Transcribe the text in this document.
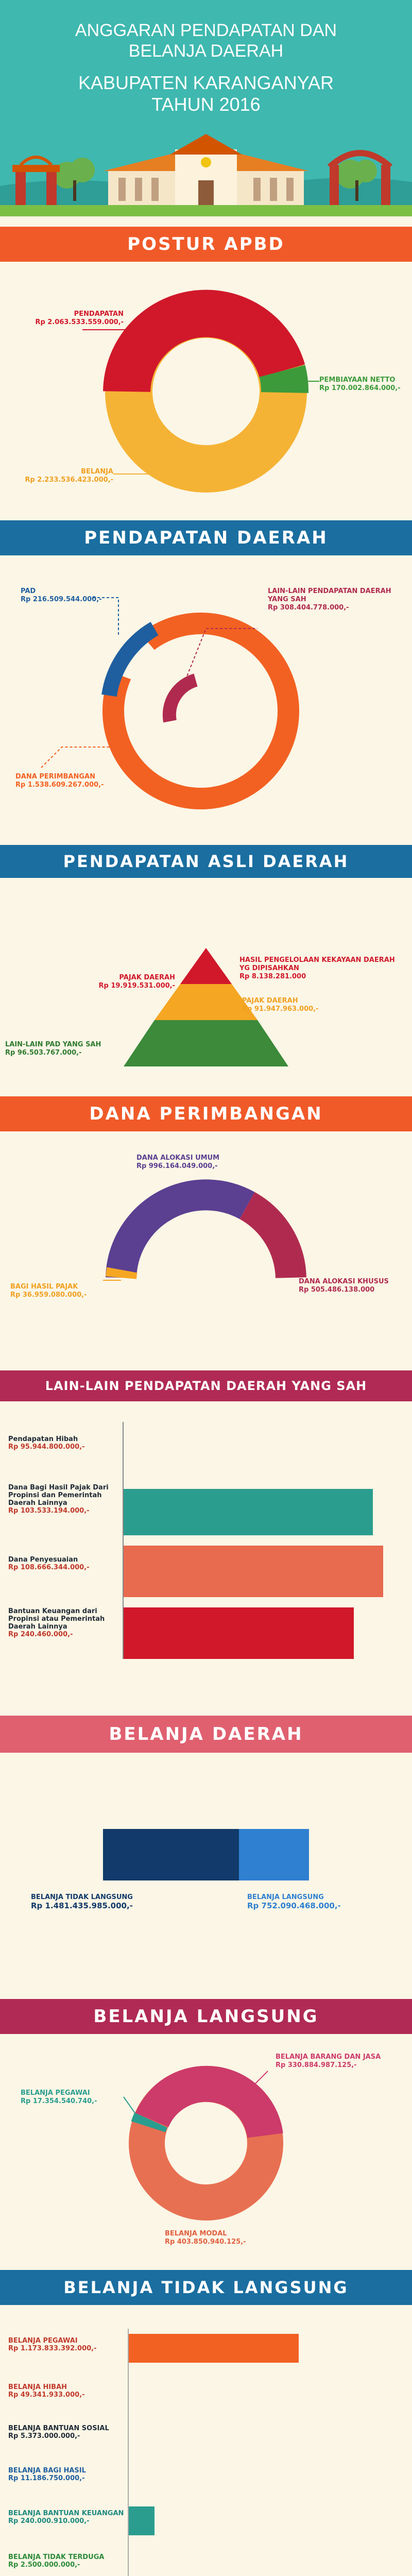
ANGGARAN PENDAPATAN DAN
BELANJA DAERAH
KABUPATEN KARANGANYAR
TAHUN 2016
POSTUR APBD
PENDAPATAN
Rp 2.063.533.559.000,-
PEMBIAYAAN NETTO
Rp 170.002.864.000,-
BELANJA
Rp 2.233.536.423.000,-
PENDAPATAN DAERAH
PAD
Rp 216.509.544.000,-
LAIN-LAIN PENDAPATAN DAERAH YANG SAH
Rp 308.404.778.000,-
DANA PERIMBANGAN
Rp 1.538.609.267.000,-
PENDAPATAN ASLI DAERAH
PAJAK DAERAH
Rp 19.919.531.000,-
HASIL PENGELOLAAN KEKAYAAN DAERAH YG DIPISAHKAN
Rp 8.138.281.000
PAJAK DAERAH
Rp 91.947.963.000,-
LAIN-LAIN PAD YANG SAH
Rp 96.503.767.000,-
DANA PERIMBANGAN
DANA ALOKASI UMUM
Rp 996.164.049.000,-
BAGI HASIL PAJAK
Rp 36.959.080.000,-
DANA ALOKASI KHUSUS
Rp 505.486.138.000
LAIN-LAIN PENDAPATAN DAERAH YANG SAH
Pendapatan Hibah
Rp 95.944.800.000,-
Dana Bagi Hasil Pajak Dari Propinsi dan Pemerintah Daerah Lainnya
Rp 103.533.194.000,-
Dana Penyesuaian
Rp 108.666.344.000,-
Bantuan Keuangan dari Propinsi atau Pemerintah Daerah Lainnya
Rp 240.460.000,-
BELANJA DAERAH
BELANJA TIDAK LANGSUNG
Rp 1.481.435.985.000,-
BELANJA LANGSUNG
Rp 752.090.468.000,-
BELANJA LANGSUNG
BELANJA BARANG DAN JASA
Rp 330.884.987.125,-
BELANJA PEGAWAI
Rp 17.354.540.740,-
BELANJA MODAL
Rp 403.850.940.125,-
BELANJA TIDAK LANGSUNG
BELANJA PEGAWAI
Rp 1.173.833.392.000,-
BELANJA HIBAH
Rp 49.341.933.000,-
BELANJA BANTUAN SOSIAL
Rp 5.373.000.000,-
BELANJA BAGI HASIL
Rp 11.186.750.000,-
BELANJA BANTUAN KEUANGAN
Rp 240.000.910.000,-
BELANJA TIDAK TERDUGA
Rp 2.500.000.000,-
